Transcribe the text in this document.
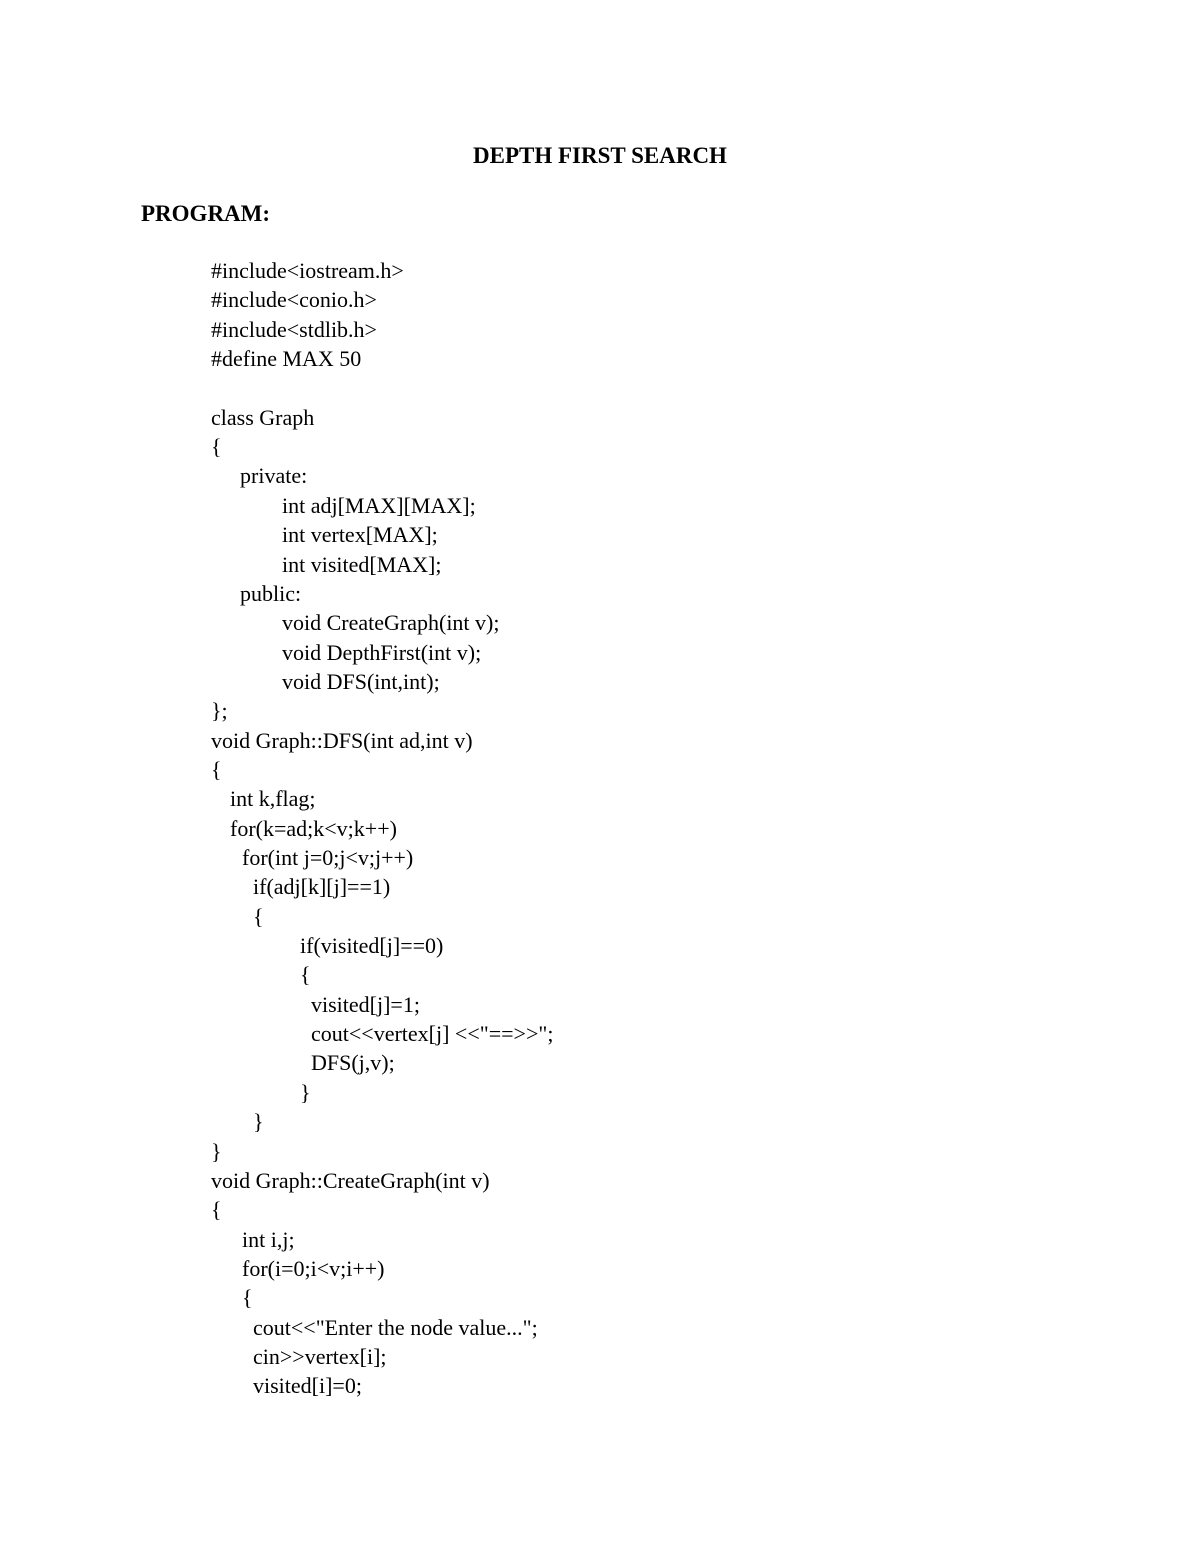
DEPTH FIRST SEARCH
PROGRAM:
#include<iostream.h>
#include<conio.h>
#include<stdlib.h>
#define MAX 50
class Graph
{
private:
int adj[MAX][MAX];
int vertex[MAX];
int visited[MAX];
public:
void CreateGraph(int v);
void DepthFirst(int v);
void DFS(int,int);
};
void Graph::DFS(int ad,int v)
{
int k,flag;
for(k=ad;k<v;k++)
for(int j=0;j<v;j++)
if(adj[k][j]==1)
{
if(visited[j]==0)
{
visited[j]=1;
cout<<vertex[j] <<"==>>";
DFS(j,v);
}
}
}
void Graph::CreateGraph(int v)
{
int i,j;
for(i=0;i<v;i++)
{
cout<<"Enter the node value...";
cin>>vertex[i];
visited[i]=0;
